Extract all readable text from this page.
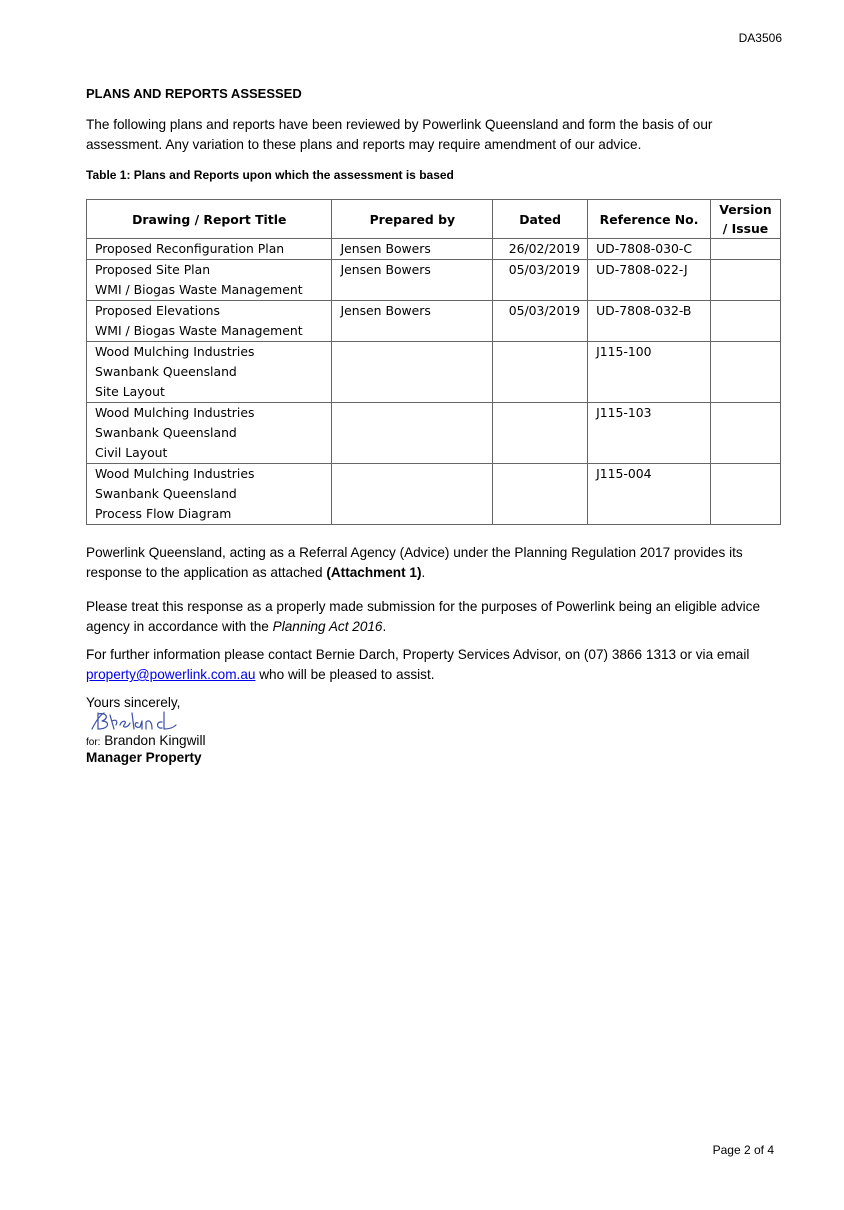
DA3506
PLANS AND REPORTS ASSESSED

The following plans and reports have been reviewed by Powerlink Queensland and form the basis of our assessment. Any variation to these plans and reports may require amendment of our advice.

Table 1: Plans and Reports upon which the assessment is based

Drawing / Report Title	Prepared by	Dated	Reference No.	Version / Issue

Proposed Reconfiguration Plan	Jensen Bowers	26/02/2019	UD-7808-030-C	

Proposed Site Plan
WMI / Biogas Waste Management	Jensen Bowers	05/03/2019	UD-7808-022-J	

Proposed Elevations
WMI / Biogas Waste Management	Jensen Bowers	05/03/2019	UD-7808-032-B	

Wood Mulching Industries
Swanbank Queensland
Site Layout			J115-100	

Wood Mulching Industries
Swanbank Queensland
Civil Layout			J115-103	

Wood Mulching Industries
Swanbank Queensland
Process Flow Diagram			J115-004	

Powerlink Queensland, acting as a Referral Agency (Advice) under the Planning Regulation 2017 provides its response to the application as attached (Attachment 1).

Please treat this response as a properly made submission for the purposes of Powerlink being an eligible advice agency in accordance with the Planning Act 2016.

For further information please contact Bernie Darch, Property Services Advisor, on (07) 3866 1313 or via email property@powerlink.com.au who will be pleased to assist.

Yours sincerely,

for: Brandon Kingwill
Manager Property
Page 2 of 4
